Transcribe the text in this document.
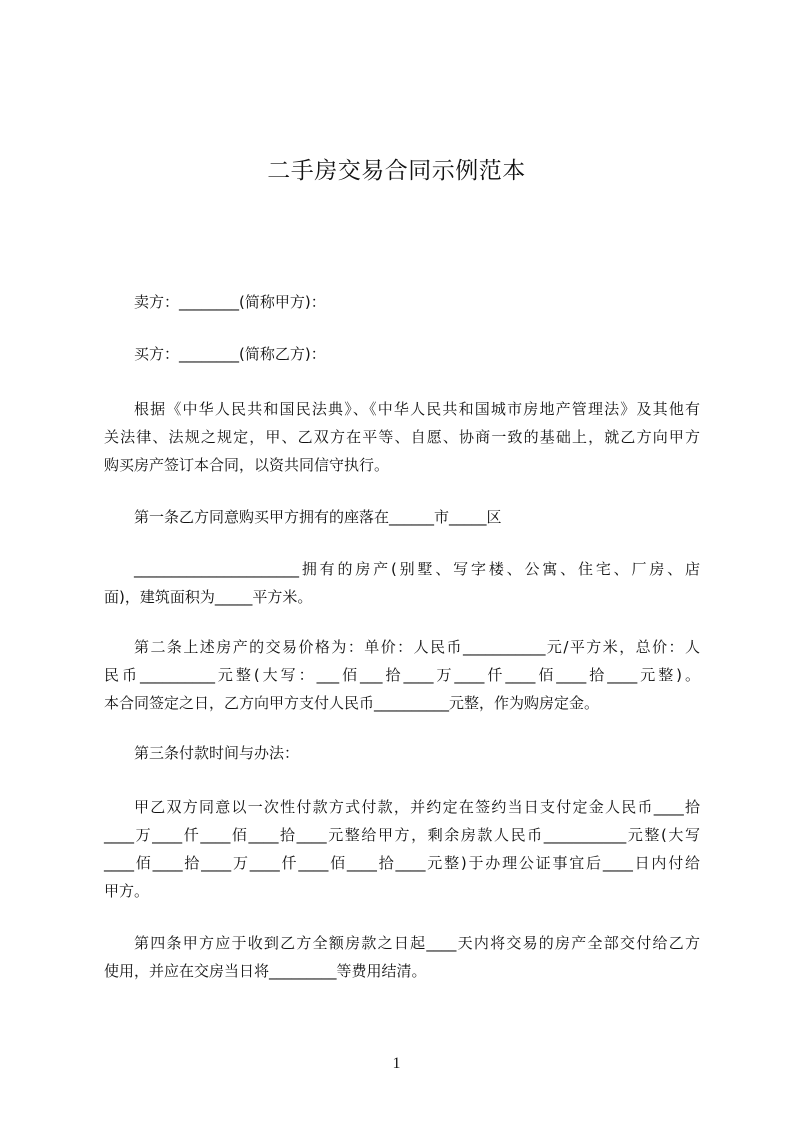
二手房交易合同示例范本
卖方：________(简称甲方)：
买方：________(简称乙方)：
根据《中华人民共和国民法典》、《中华人民共和国城市房地产管理法》及其他有
关法律、法规之规定，甲、乙双方在平等、自愿、协商一致的基础上，就乙方向甲方
购买房产签订本合同，以资共同信守执行。
第一条乙方同意购买甲方拥有的座落在______市_____区
______________________拥有的房产(别墅、写字楼、公寓、住宅、厂房、店
面)，建筑面积为_____平方米。
第二条上述房产的交易价格为：单价：人民币___________元/平方米，总价：人
民币__________元整(大写：___佰___拾____万____仟____佰____拾____元整)。
本合同签定之日，乙方向甲方支付人民币__________元整，作为购房定金。
第三条付款时间与办法：
甲乙双方同意以一次性付款方式付款，并约定在签约当日支付定金人民币____拾
____万____仟____佰____拾____元整给甲方，剩余房款人民币___________元整(大写
____佰____拾____万____仟____佰____拾____元整)于办理公证事宜后____日内付给
甲方。
第四条甲方应于收到乙方全额房款之日起____天内将交易的房产全部交付给乙方
使用，并应在交房当日将_________等费用结清。
1
